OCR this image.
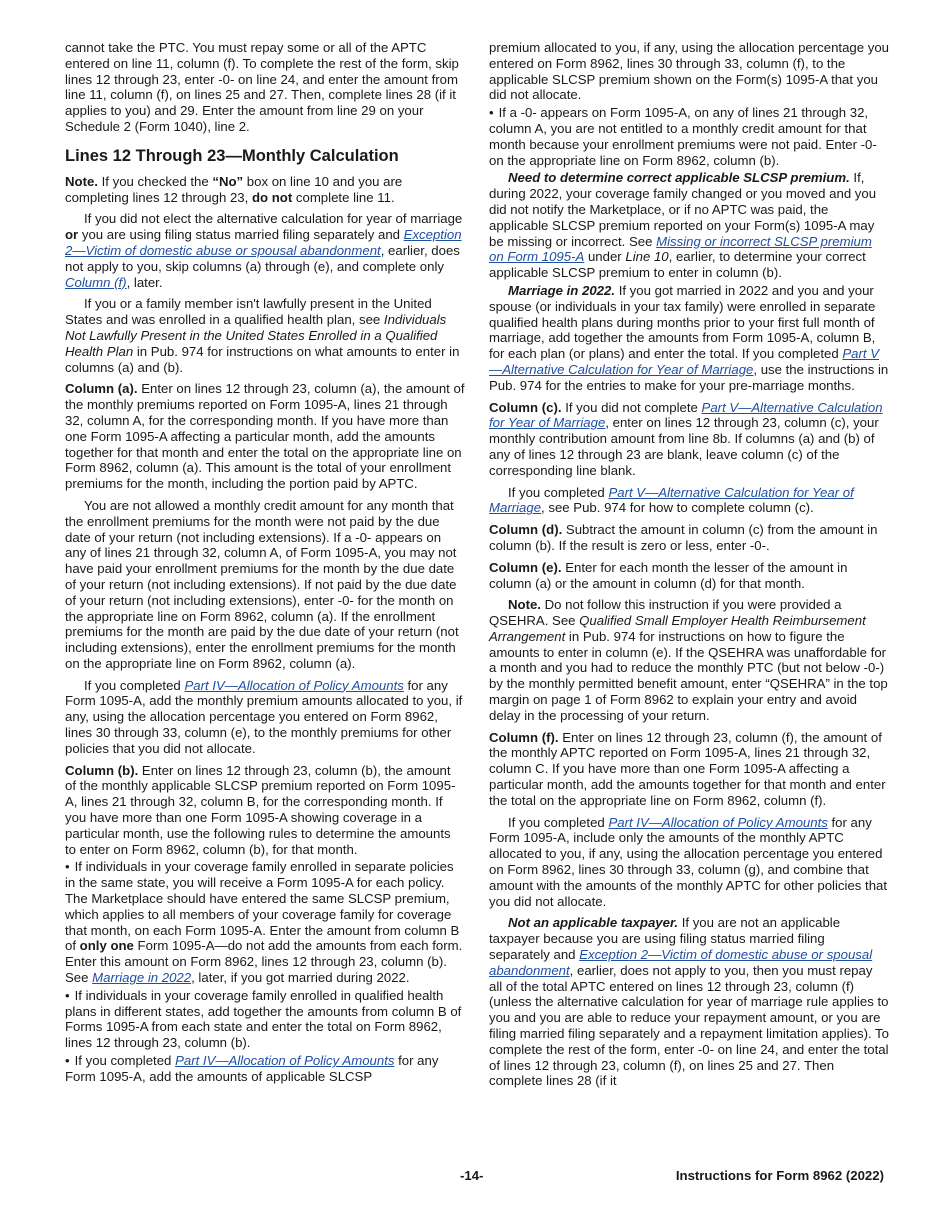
cannot take the PTC. You must repay some or all of the APTC entered on line 11, column (f). To complete the rest of the form, skip lines 12 through 23, enter -0- on line 24, and enter the amount from line 11, column (f), on lines 25 and 27. Then, complete lines 28 (if it applies to you) and 29. Enter the amount from line 29 on your Schedule 2 (Form 1040), line 2.

Lines 12 Through 23—Monthly Calculation

Note. If you checked the “No” box on line 10 and you are completing lines 12 through 23, do not complete line 11.

If you did not elect the alternative calculation for year of marriage or you are using filing status married filing separately and Exception 2—Victim of domestic abuse or spousal abandonment, earlier, does not apply to you, skip columns (a) through (e), and complete only Column (f), later.

If you or a family member isn't lawfully present in the United States and was enrolled in a qualified health plan, see Individuals Not Lawfully Present in the United States Enrolled in a Qualified Health Plan in Pub. 974 for instructions on what amounts to enter in columns (a) and (b).

Column (a). Enter on lines 12 through 23, column (a), the amount of the monthly premiums reported on Form 1095-A, lines 21 through 32, column A, for the corresponding month. If you have more than one Form 1095-A affecting a particular month, add the amounts together for that month and enter the total on the appropriate line on Form 8962, column (a). This amount is the total of your enrollment premiums for the month, including the portion paid by APTC.

You are not allowed a monthly credit amount for any month that the enrollment premiums for the month were not paid by the due date of your return (not including extensions). If a -0- appears on any of lines 21 through 32, column A, of Form 1095-A, you may not have paid your enrollment premiums for the month by the due date of your return (not including extensions). If not paid by the due date of your return (not including extensions), enter -0- for the month on the appropriate line on Form 8962, column (a). If the enrollment premiums for the month are paid by the due date of your return (not including extensions), enter the enrollment premiums for the month on the appropriate line on Form 8962, column (a).

If you completed Part IV—Allocation of Policy Amounts for any Form 1095-A, add the monthly premium amounts allocated to you, if any, using the allocation percentage you entered on Form 8962, lines 30 through 33, column (e), to the monthly premiums for other policies that you did not allocate.

Column (b). Enter on lines 12 through 23, column (b), the amount of the monthly applicable SLCSP premium reported on Form 1095-A, lines 21 through 32, column B, for the corresponding month. If you have more than one Form 1095-A showing coverage in a particular month, use the following rules to determine the amounts to enter on Form 8962, column (b), for that month.

• If individuals in your coverage family enrolled in separate policies in the same state, you will receive a Form 1095-A for each policy. The Marketplace should have entered the same SLCSP premium, which applies to all members of your coverage family for coverage that month, on each Form 1095-A. Enter the amount from column B of only one Form 1095-A—do not add the amounts from each form. Enter this amount on Form 8962, lines 12 through 23, column (b). See Marriage in 2022, later, if you got married during 2022.
• If individuals in your coverage family enrolled in qualified health plans in different states, add together the amounts from column B of Forms 1095-A from each state and enter the total on Form 8962, lines 12 through 23, column (b).
• If you completed Part IV—Allocation of Policy Amounts for any Form 1095-A, add the amounts of applicable SLCSP

premium allocated to you, if any, using the allocation percentage you entered on Form 8962, lines 30 through 33, column (f), to the applicable SLCSP premium shown on the Form(s) 1095-A that you did not allocate.

• If a -0- appears on Form 1095-A, on any of lines 21 through 32, column A, you are not entitled to a monthly credit amount for that month because your enrollment premiums were not paid. Enter -0- on the appropriate line on Form 8962, column (b).

Need to determine correct applicable SLCSP premium. If, during 2022, your coverage family changed or you moved and you did not notify the Marketplace, or if no APTC was paid, the applicable SLCSP premium reported on your Form(s) 1095-A may be missing or incorrect. See Missing or incorrect SLCSP premium on Form 1095-A under Line 10, earlier, to determine your correct applicable SLCSP premium to enter in column (b).

Marriage in 2022. If you got married in 2022 and you and your spouse (or individuals in your tax family) were enrolled in separate qualified health plans during months prior to your first full month of marriage, add together the amounts from Form 1095-A, column B, for each plan (or plans) and enter the total. If you completed Part V—Alternative Calculation for Year of Marriage, use the instructions in Pub. 974 for the entries to make for your pre-marriage months.

Column (c). If you did not complete Part V—Alternative Calculation for Year of Marriage, enter on lines 12 through 23, column (c), your monthly contribution amount from line 8b. If columns (a) and (b) of any of lines 12 through 23 are blank, leave column (c) of the corresponding line blank.

If you completed Part V—Alternative Calculation for Year of Marriage, see Pub. 974 for how to complete column (c).

Column (d). Subtract the amount in column (c) from the amount in column (b). If the result is zero or less, enter -0-.

Column (e). Enter for each month the lesser of the amount in column (a) or the amount in column (d) for that month.

Note. Do not follow this instruction if you were provided a QSEHRA. See Qualified Small Employer Health Reimbursement Arrangement in Pub. 974 for instructions on how to figure the amounts to enter in column (e). If the QSEHRA was unaffordable for a month and you had to reduce the monthly PTC (but not below -0-) by the monthly permitted benefit amount, enter “QSEHRA” in the top margin on page 1 of Form 8962 to explain your entry and avoid delay in the processing of your return.

Column (f). Enter on lines 12 through 23, column (f), the amount of the monthly APTC reported on Form 1095-A, lines 21 through 32, column C. If you have more than one Form 1095-A affecting a particular month, add the amounts together for that month and enter the total on the appropriate line on Form 8962, column (f).

If you completed Part IV—Allocation of Policy Amounts for any Form 1095-A, include only the amounts of the monthly APTC allocated to you, if any, using the allocation percentage you entered on Form 8962, lines 30 through 33, column (g), and combine that amount with the amounts of the monthly APTC for other policies that you did not allocate.

Not an applicable taxpayer. If you are not an applicable taxpayer because you are using filing status married filing separately and Exception 2—Victim of domestic abuse or spousal abandonment, earlier, does not apply to you, then you must repay all of the total APTC entered on lines 12 through 23, column (f) (unless the alternative calculation for year of marriage rule applies to you and you are able to reduce your repayment amount, or you are filing married filing separately and a repayment limitation applies). To complete the rest of the form, enter -0- on line 24, and enter the total of lines 12 through 23, column (f), on lines 25 and 27. Then complete lines 28 (if it

-14-	Instructions for Form 8962 (2022)
